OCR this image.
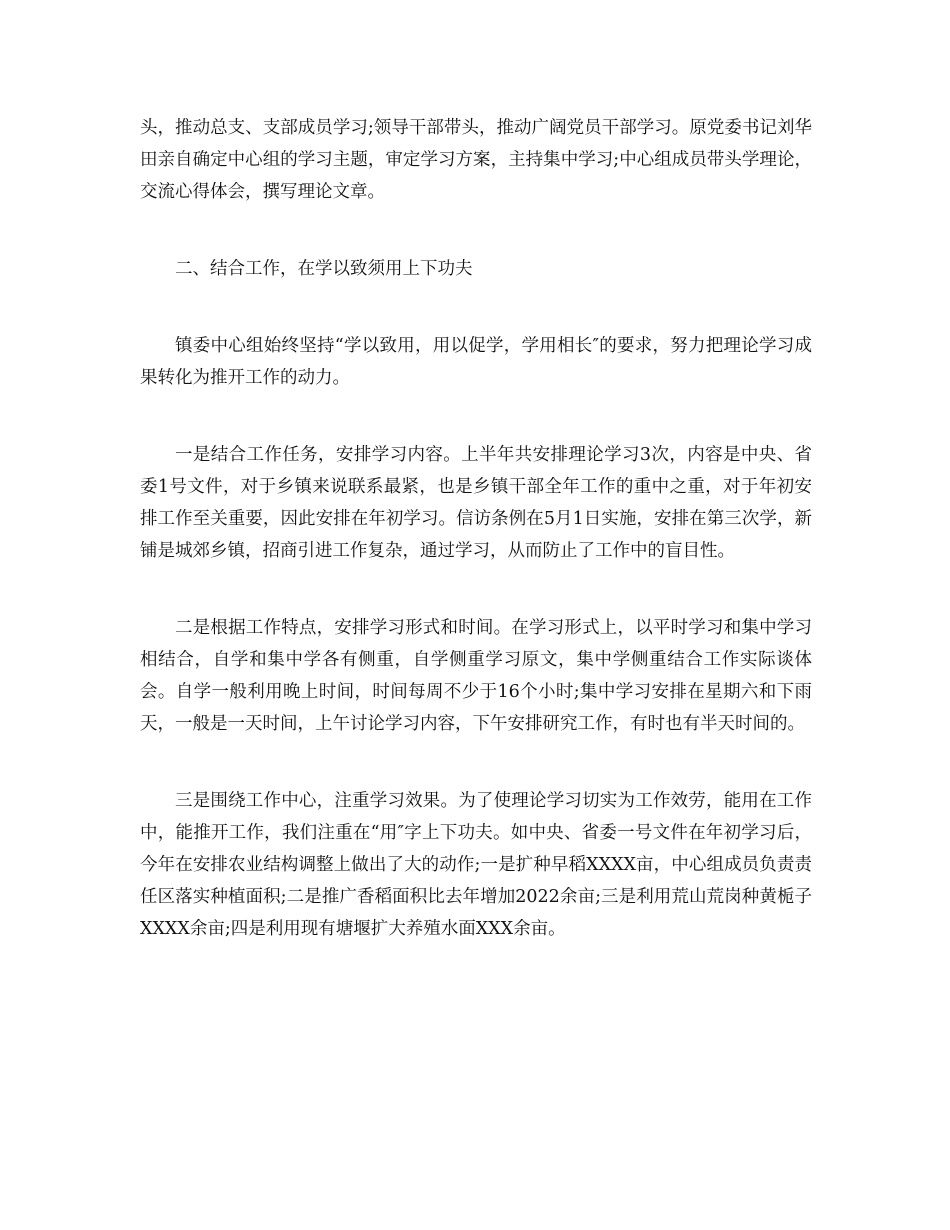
头，推动总支、支部成员学习;领导干部带头，推动广阔党员干部学习。原党委书记刘华田亲自确定中心组的学习主题，审定学习方案，主持集中学习;中心组成员带头学理论，交流心得体会，撰写理论文章。

二、结合工作，在学以致须用上下功夫

镇委中心组始终坚持“学以致用，用以促学，学用相长″的要求，努力把理论学习成果转化为推开工作的动力。

一是结合工作任务，安排学习内容。上半年共安排理论学习3次，内容是中央、省委1号文件，对于乡镇来说联系最紧，也是乡镇干部全年工作的重中之重，对于年初安排工作至关重要，因此安排在年初学习。信访条例在5月1日实施，安排在第三次学，新铺是城郊乡镇，招商引进工作复杂，通过学习，从而防止了工作中的盲目性。

二是根据工作特点，安排学习形式和时间。在学习形式上，以平时学习和集中学习相结合，自学和集中学各有侧重，自学侧重学习原文，集中学侧重结合工作实际谈体会。自学一般利用晚上时间，时间每周不少于16个小时;集中学习安排在星期六和下雨天，一般是一天时间，上午讨论学习内容，下午安排研究工作，有时也有半天时间的。

三是围绕工作中心，注重学习效果。为了使理论学习切实为工作效劳，能用在工作中，能推开工作，我们注重在“用″字上下功夫。如中央、省委一号文件在年初学习后，今年在安排农业结构调整上做出了大的动作;一是扩种早稻XXXX亩，中心组成员负责责任区落实种植面积;二是推广香稻面积比去年增加2022余亩;三是利用荒山荒岗种黄栀子XXXX余亩;四是利用现有塘堰扩大养殖水面XXX余亩。
